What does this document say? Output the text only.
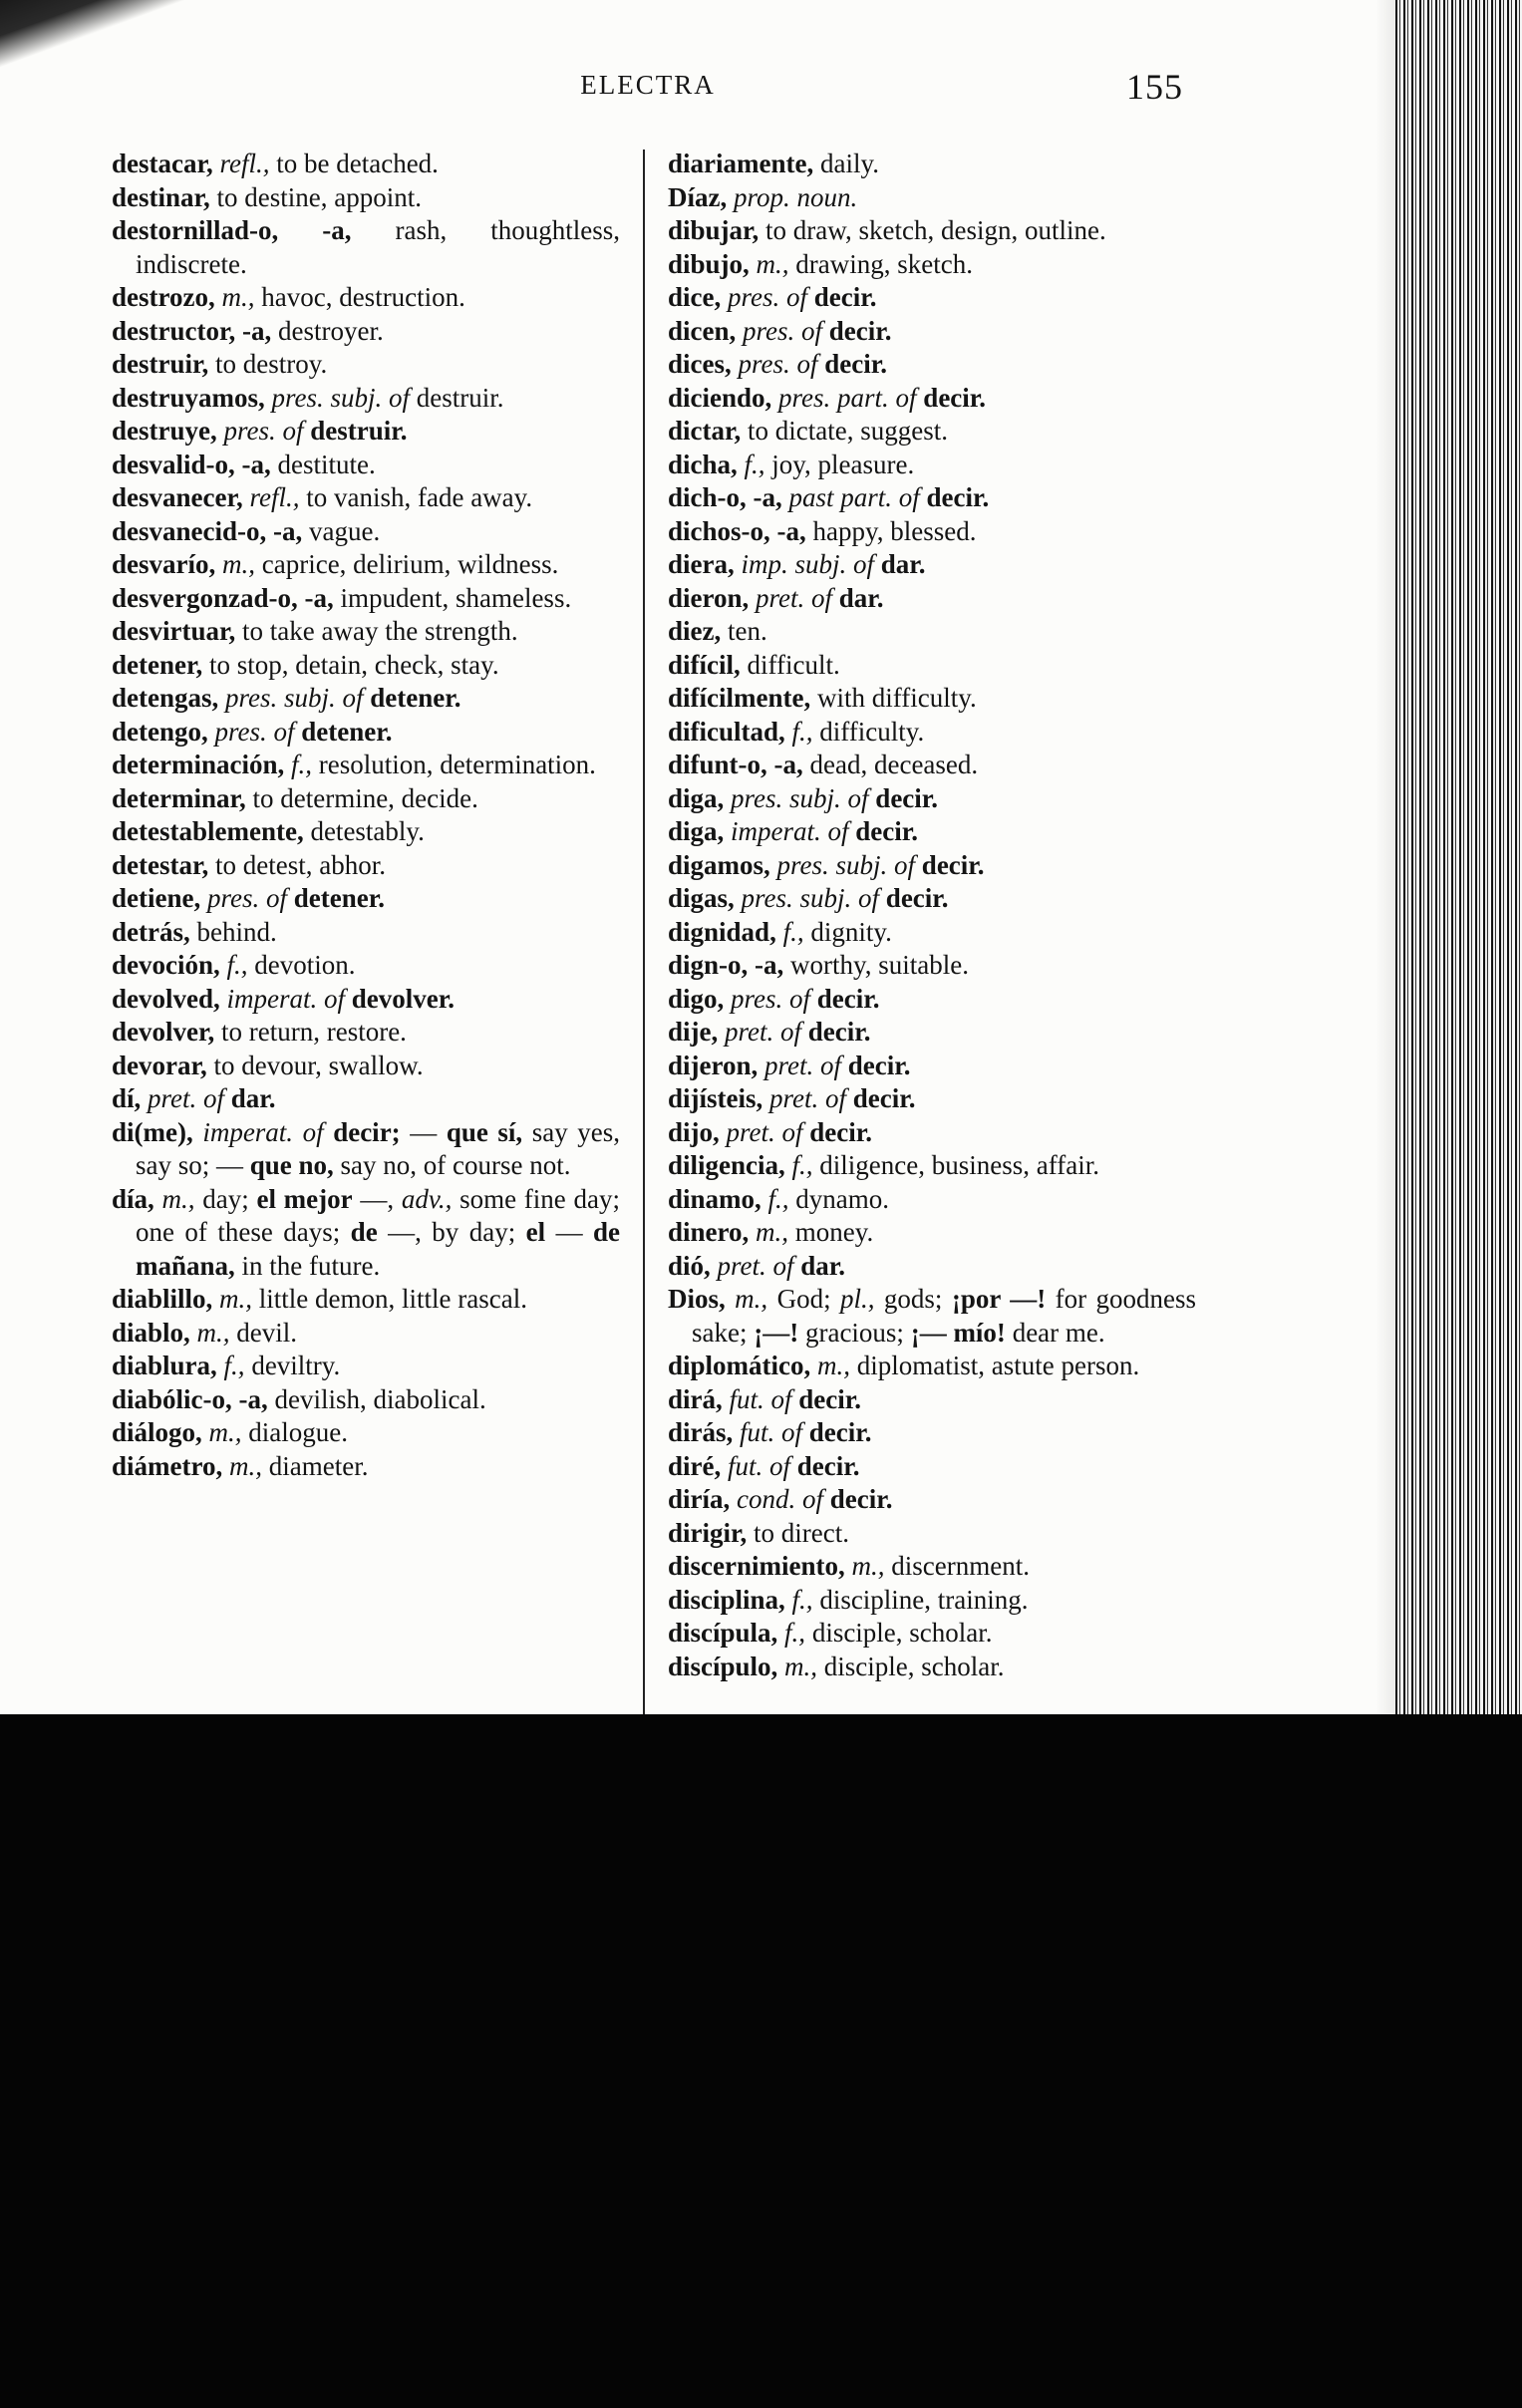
ELECTRA	155

destacar, refl., to be detached.

destinar, to destine, appoint.

destornillad-o, -a, rash, thoughtless, indiscrete.

destrozo, m., havoc, destruction.

destructor, -a, destroyer.

destruir, to destroy.

destruyamos, pres. subj. of destruir.

destruye, pres. of destruir.

desvalid-o, -a, destitute.

desvanecer, refl., to vanish, fade away.

desvanecid-o, -a, vague.

desvarío, m., caprice, delirium, wildness.

desvergonzad-o, -a, impudent, shameless.

desvirtuar, to take away the strength.

detener, to stop, detain, check, stay.

detengas, pres. subj. of detener.

detengo, pres. of detener.

determinación, f., resolution, determination.

determinar, to determine, decide.

detestablemente, detestably.

detestar, to detest, abhor.

detiene, pres. of detener.

detrás, behind.

devoción, f., devotion.

devolved, imperat. of devolver.

devolver, to return, restore.

devorar, to devour, swallow.

dí, pret. of dar.

di(me), imperat. of decir; — que sí, say yes, say so; — que no, say no, of course not.

día, m., day; el mejor —, adv., some fine day; one of these days; de —, by day; el — de mañana, in the future.

diablillo, m., little demon, little rascal.

diablo, m., devil.

diablura, f., deviltry.

diabólic-o, -a, devilish, diabolical.

diálogo, m., dialogue.

diámetro, m., diameter.

diariamente, daily.

Díaz, prop. noun.

dibujar, to draw, sketch, design, outline.

dibujo, m., drawing, sketch.

dice, pres. of decir.

dicen, pres. of decir.

dices, pres. of decir.

diciendo, pres. part. of decir.

dictar, to dictate, suggest.

dicha, f., joy, pleasure.

dich-o, -a, past part. of decir.

dichos-o, -a, happy, blessed.

diera, imp. subj. of dar.

dieron, pret. of dar.

diez, ten.

difícil, difficult.

difícilmente, with difficulty.

dificultad, f., difficulty.

difunt-o, -a, dead, deceased.

diga, pres. subj. of decir.

diga, imperat. of decir.

digamos, pres. subj. of decir.

digas, pres. subj. of decir.

dignidad, f., dignity.

dign-o, -a, worthy, suitable.

digo, pres. of decir.

dije, pret. of decir.

dijeron, pret. of decir.

dijísteis, pret. of decir.

dijo, pret. of decir.

diligencia, f., diligence, business, affair.

dinamo, f., dynamo.

dinero, m., money.

dió, pret. of dar.

Dios, m., God; pl., gods; ¡por —! for goodness sake; ¡—! gracious; ¡— mío! dear me.

diplomático, m., diplomatist, astute person.

dirá, fut. of decir.

dirás, fut. of decir.

diré, fut. of decir.

diría, cond. of decir.

dirigir, to direct.

discernimiento, m., discernment.

disciplina, f., discipline, training.

discípula, f., disciple, scholar.

discípulo, m., disciple, scholar.
